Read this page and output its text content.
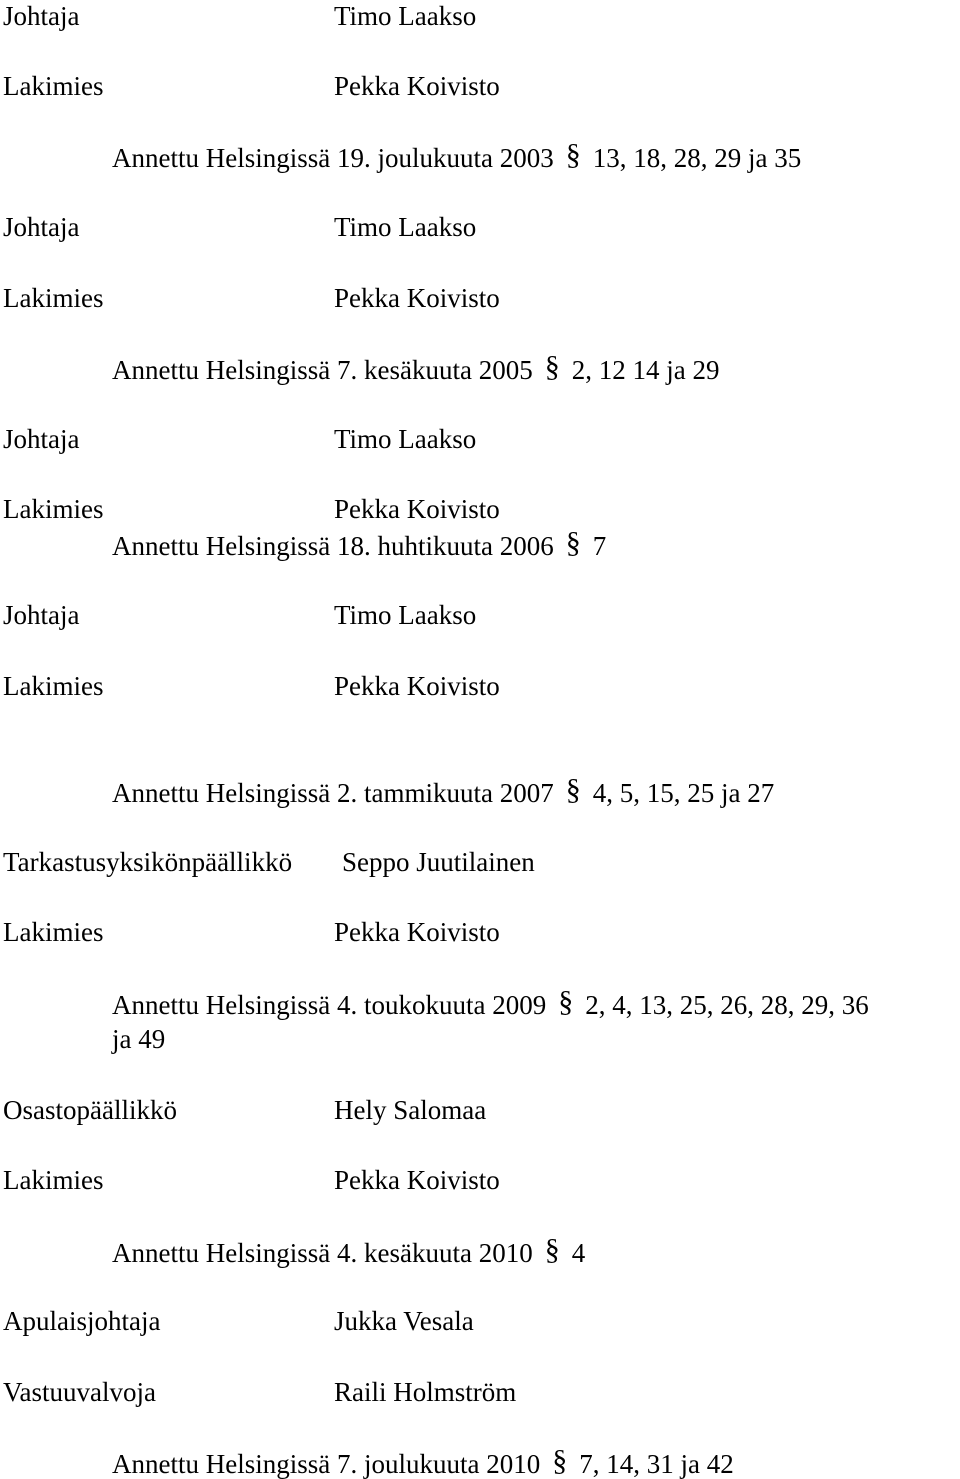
Johtaja	Timo Laakso
Lakimies	Pekka Koivisto
Annettu Helsingissä 19. joulukuuta 2003 § 13, 18, 28, 29 ja 35
Johtaja	Timo Laakso
Lakimies	Pekka Koivisto
Annettu Helsingissä 7. kesäkuuta 2005 § 2, 12 14 ja 29
Johtaja	Timo Laakso
Lakimies	Pekka Koivisto
Annettu Helsingissä 18. huhtikuuta 2006 § 7
Johtaja	Timo Laakso
Lakimies	Pekka Koivisto
Annettu Helsingissä 2. tammikuuta 2007 § 4, 5, 15, 25 ja 27
Tarkastusyksikönpäällikkö Seppo Juutilainen
Lakimies	Pekka Koivisto
Annettu Helsingissä 4. toukokuuta 2009 § 2, 4, 13, 25, 26, 28, 29, 36
ja 49
Osastopäällikkö	Hely Salomaa
Lakimies	Pekka Koivisto
Annettu Helsingissä 4. kesäkuuta 2010 § 4
Apulaisjohtaja	Jukka Vesala
Vastuuvalvoja	Raili Holmström
Annettu Helsingissä 7. joulukuuta 2010 § 7, 14, 31 ja 42
